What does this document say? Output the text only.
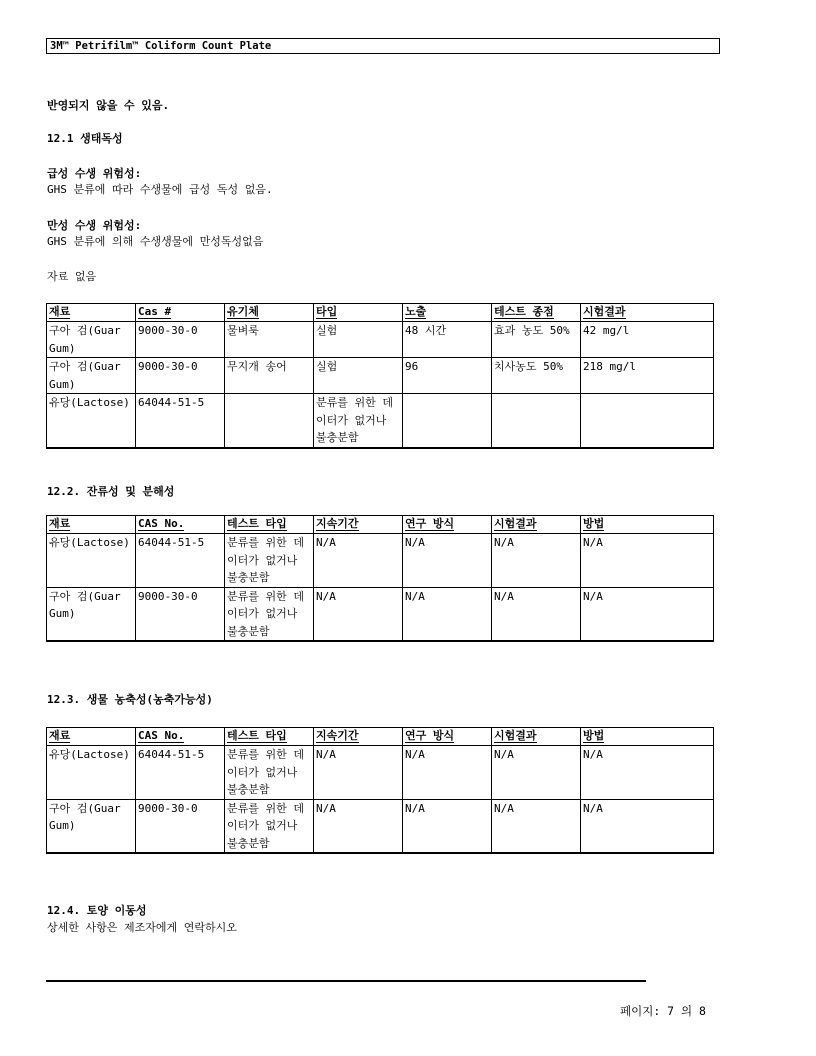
3M™ Petrifilm™ Coliform Count Plate
반영되지 않을 수 있음.
12.1 생태독성
급성 수생 위험성:
GHS 분류에 따라 수생물에 급성 독성 없음.
만성 수생 위험성:
GHS 분류에 의해 수생생물에 만성독성없음
자료 없음
재료	Cas #	유기체	타입	노출	테스트 종점	시험결과
구아 검(Guar Gum)	9000-30-0	물벼룩	실험	48 시간	효과 농도 50%	42 mg/l
구아 검(Guar Gum)	9000-30-0	무지개 송어	실험	96	치사농도 50%	218 mg/l
유당(Lactose)	64044-51-5		분류를 위한 데이터가 없거나 불충분함			
12.2. 잔류성 및 분해성
재료	CAS No.	테스트 타입	지속기간	연구 방식	시험결과	방법
유당(Lactose)	64044-51-5	분류를 위한 데이터가 없거나 불충분함	N/A	N/A	N/A	N/A
구아 검(Guar Gum)	9000-30-0	분류를 위한 데이터가 없거나 불충분함	N/A	N/A	N/A	N/A
12.3. 생물 농축성(농축가능성)
재료	CAS No.	테스트 타입	지속기간	연구 방식	시험결과	방법
유당(Lactose)	64044-51-5	분류를 위한 데이터가 없거나 불충분함	N/A	N/A	N/A	N/A
구아 검(Guar Gum)	9000-30-0	분류를 위한 데이터가 없거나 불충분함	N/A	N/A	N/A	N/A
12.4. 토양 이동성
상세한 사항은 제조자에게 연락하시오
페이지: 7 의 8
